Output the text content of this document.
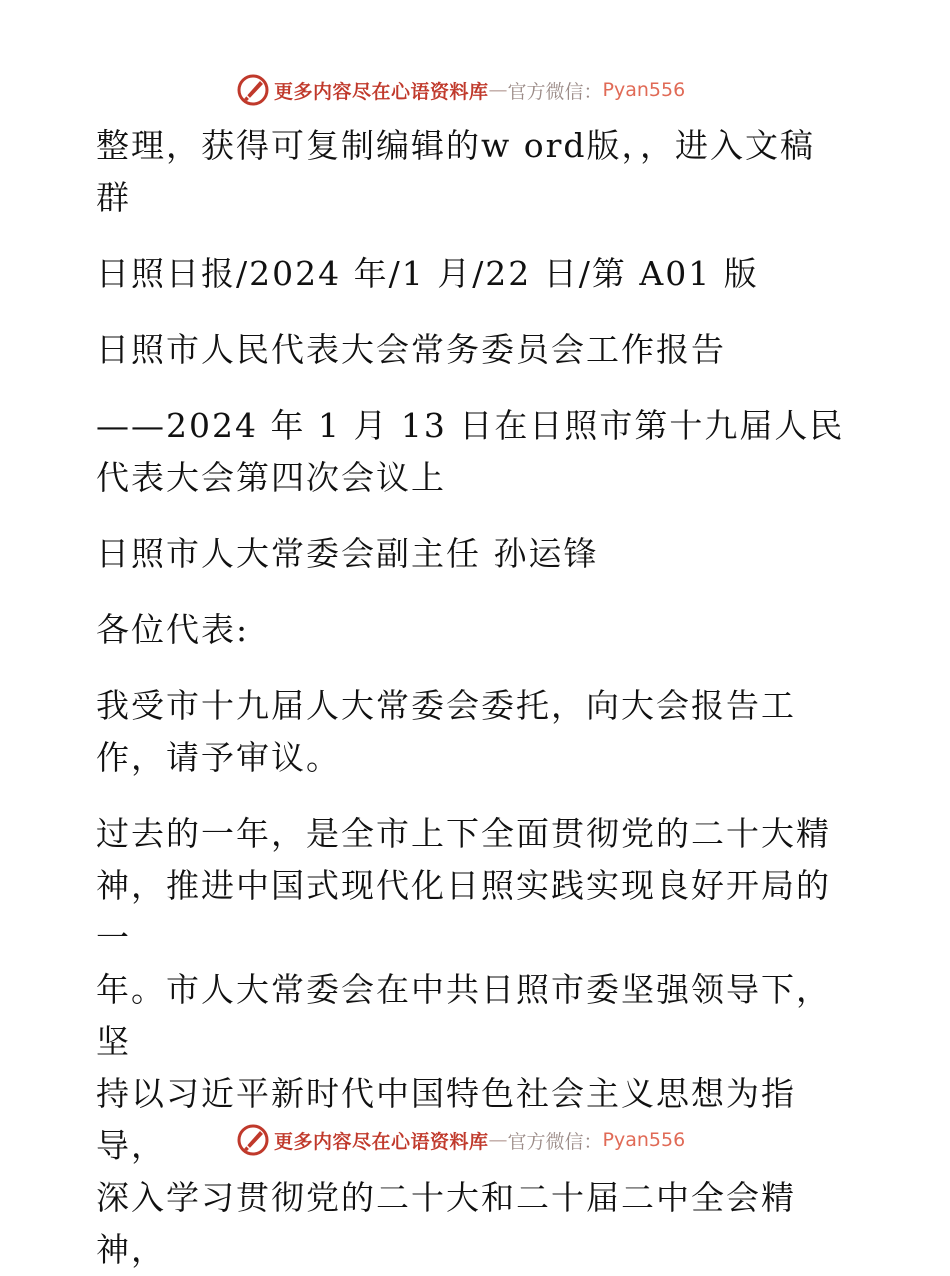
更多内容尽在心语资料库 — 官方微信： Pyan556

整理，获得可复制编辑的w ord版，，进入文稿

群

日照日报/2024 年/1 月/22 日/第 A01 版

日照市人民代表大会常务委员会工作报告

——2024 年 1 月 13 日在日照市第十九届人民

代表大会第四次会议上

日照市人大常委会副主任 孙运锋

各位代表:

我受市十九届人大常委会委托，向大会报告工

作，请予审议。

过去的一年，是全市上下全面贯彻党的二十大精

神，推进中国式现代化日照实践实现良好开局的一

年。市人大常委会在中共日照市委坚强领导下，坚

持以习近平新时代中国特色社会主义思想为指导，

深入学习贯彻党的二十大和二十届二中全会精神，

更多内容尽在心语资料库 — 官方微信： Pyan556
